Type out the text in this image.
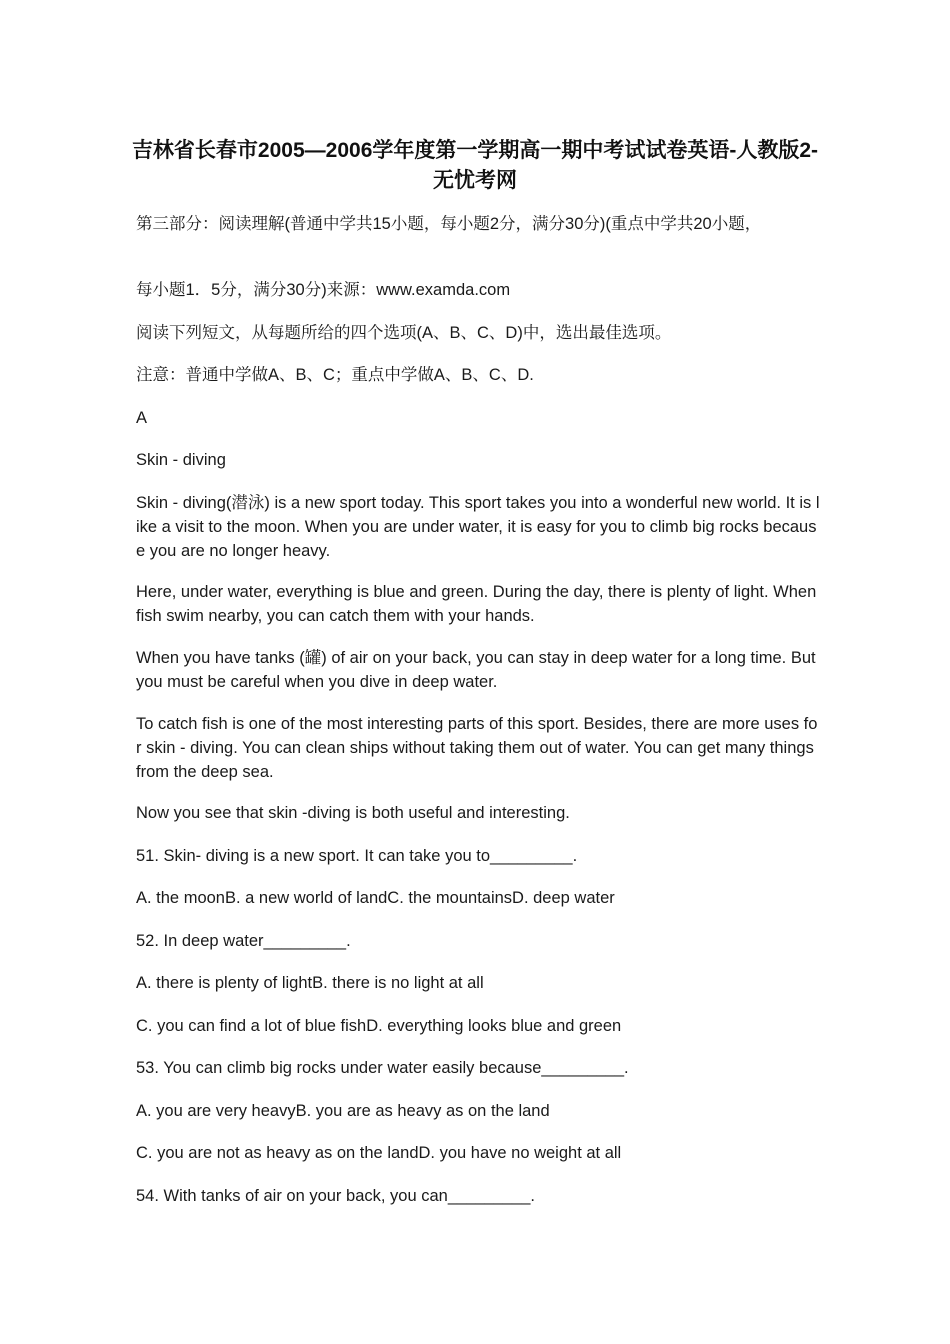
吉林省长春市2005—2006学年度第一学期高一期中考试试卷英语-人教版2-无忧考网

第三部分：阅读理解(普通中学共15小题，每小题2分，满分30分)(重点中学共20小题，

每小题1．5分，满分30分)来源：www.examda.com

阅读下列短文，从每题所给的四个选项(A、B、C、D)中，选出最佳选项。

注意：普通中学做A、B、C；重点中学做A、B、C、D.

A

Skin - diving

Skin - diving(潜泳) is a new sport today. This sport takes you into a wonderful new world. It is like a visit to the moon. When you are under water, it is easy for you to climb big rocks because you are no longer heavy.

Here, under water, everything is blue and green. During the day, there is plenty of light. When fish swim nearby, you can catch them with your hands.

When you have tanks (罐) of air on your back, you can stay in deep water for a long time. But you must be careful when you dive in deep water.

To catch fish is one of the most interesting parts of this sport. Besides, there are more uses for skin - diving. You can clean ships without taking them out of water. You can get many things from the deep sea.

Now you see that skin -diving is both useful and interesting.

51. Skin- diving is a new sport. It can take you to_________.

A. the moonB. a new world of landC. the mountainsD. deep water

52. In deep water_________.

A. there is plenty of lightB. there is no light at all

C. you can find a lot of blue fishD. everything looks blue and green

53. You can climb big rocks under water easily because_________.

A. you are very heavyB. you are as heavy as on the land

C. you are not as heavy as on the landD. you have no weight at all

54. With tanks of air on your back, you can_________.
